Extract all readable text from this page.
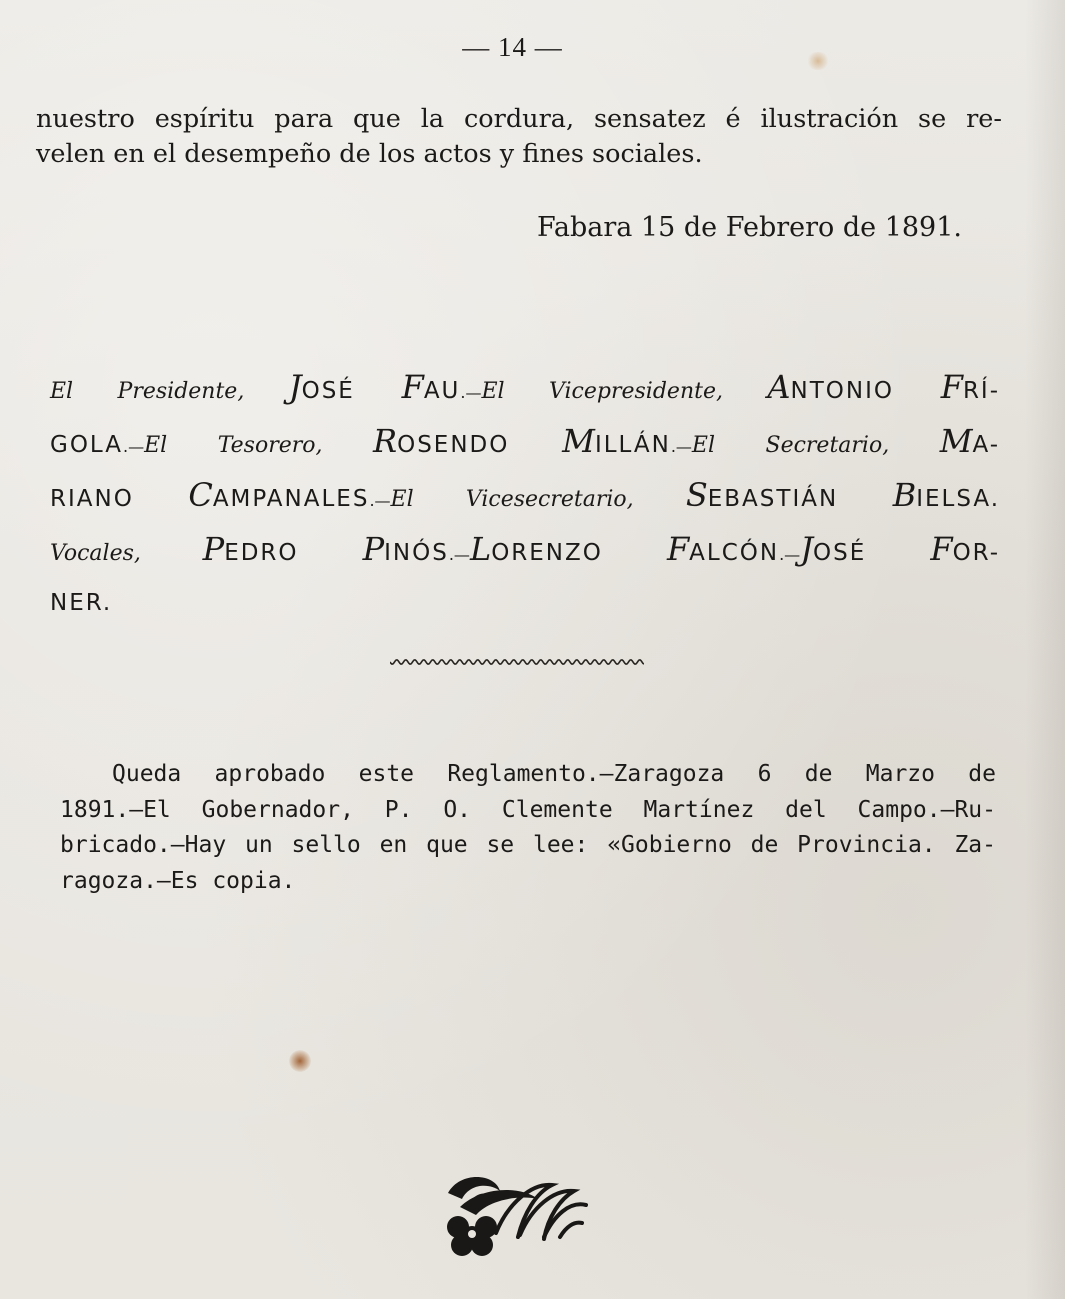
— 14 —
nuestro espíritu para que la cordura, sensatez é ilustración se re-
velen en el desempeño de los actos y fines sociales.
Fabara 15 de Febrero de 1891.
El Presidente, JOSÉ FAU.—El Vicepresidente, ANTONIO FRÍ-
GOLA.—El Tesorero, ROSENDO MILLÁN.—El Secretario, MA-
RIANO CAMPANALES.—El Vicesecretario, SEBASTIÁN BIELSA.
Vocales, PEDRO PINÓS.—LORENZO FALCÓN.—JOSÉ FOR-
NER.
Queda aprobado este Reglamento.—Zaragoza 6 de Marzo de
1891.—El Gobernador, P. O. Clemente Martínez del Campo.—Ru-
bricado.—Hay un sello en que se lee: «Gobierno de Provincia. Za-
ragoza.—Es copia.
